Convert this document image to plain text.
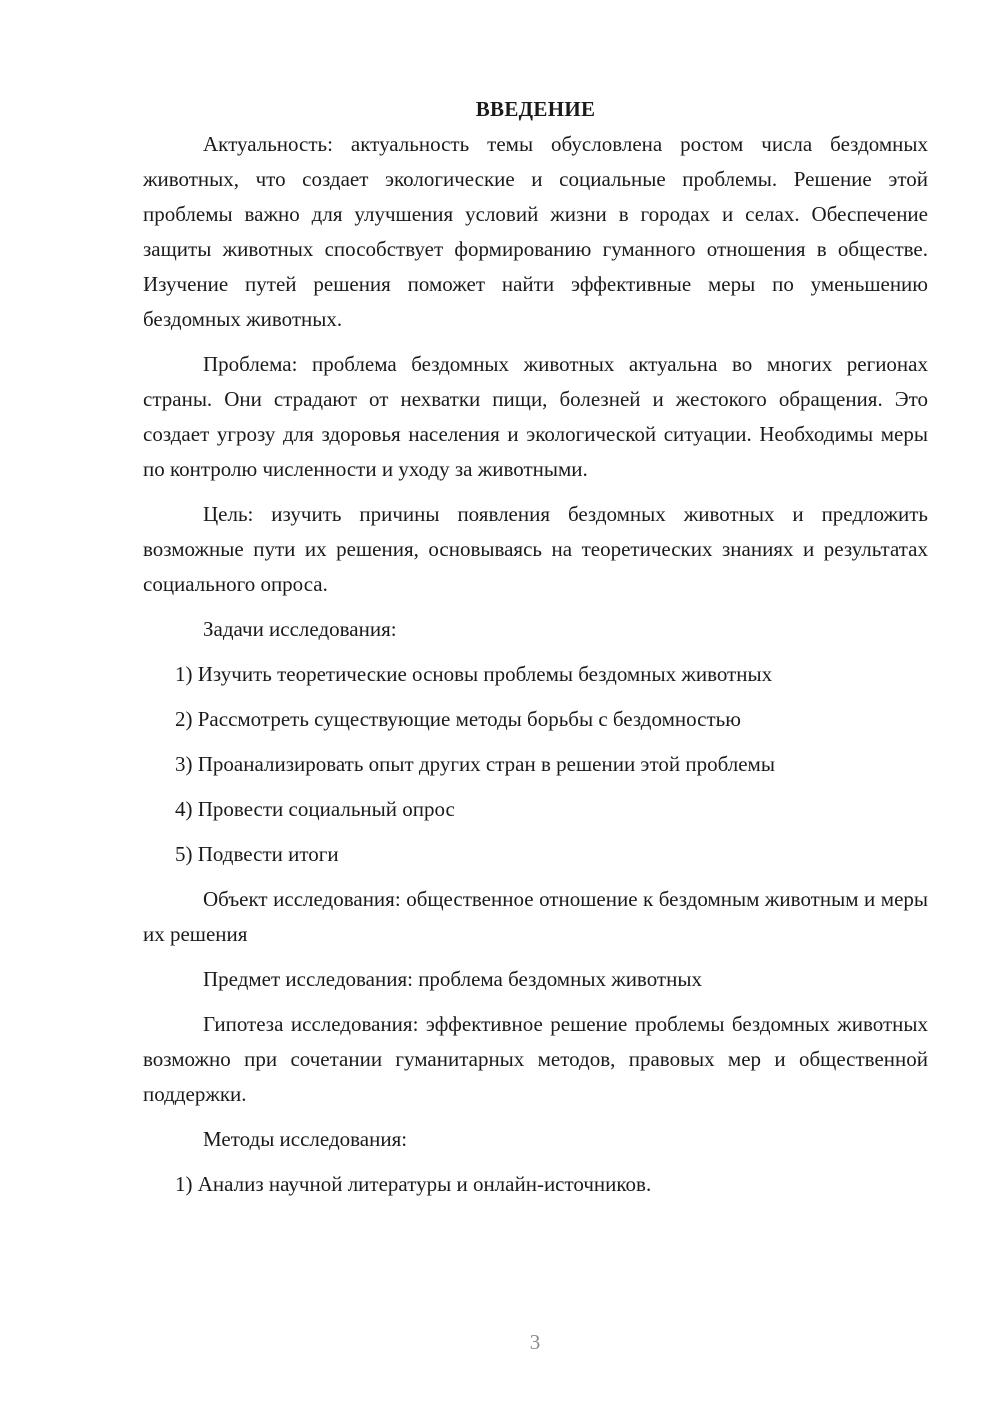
ВВЕДЕНИЕ

Актуальность: актуальность темы обусловлена ростом числа бездомных животных, что создает экологические и социальные проблемы. Решение этой проблемы важно для улучшения условий жизни в городах и селах. Обеспечение защиты животных способствует формированию гуманного отношения в обществе. Изучение путей решения поможет найти эффективные меры по уменьшению бездомных животных.

Проблема: проблема бездомных животных актуальна во многих регионах страны. Они страдают от нехватки пищи, болезней и жестокого обращения. Это создает угрозу для здоровья населения и экологической ситуации. Необходимы меры по контролю численности и уходу за животными.

Цель: изучить причины появления бездомных животных и предложить возможные пути их решения, основываясь на теоретических знаниях и результатах социального опроса.

Задачи исследования:

1) Изучить теоретические основы проблемы бездомных животных

2) Рассмотреть существующие методы борьбы с бездомностью

3) Проанализировать опыт других стран в решении этой проблемы

4) Провести социальный опрос

5) Подвести итоги

Объект исследования: общественное отношение к бездомным животным и меры их решения

Предмет исследования: проблема бездомных животных

Гипотеза исследования: эффективное решение проблемы бездомных животных возможно при сочетании гуманитарных методов, правовых мер и общественной поддержки.

Методы исследования:

1) Анализ научной литературы и онлайн-источников.

3
